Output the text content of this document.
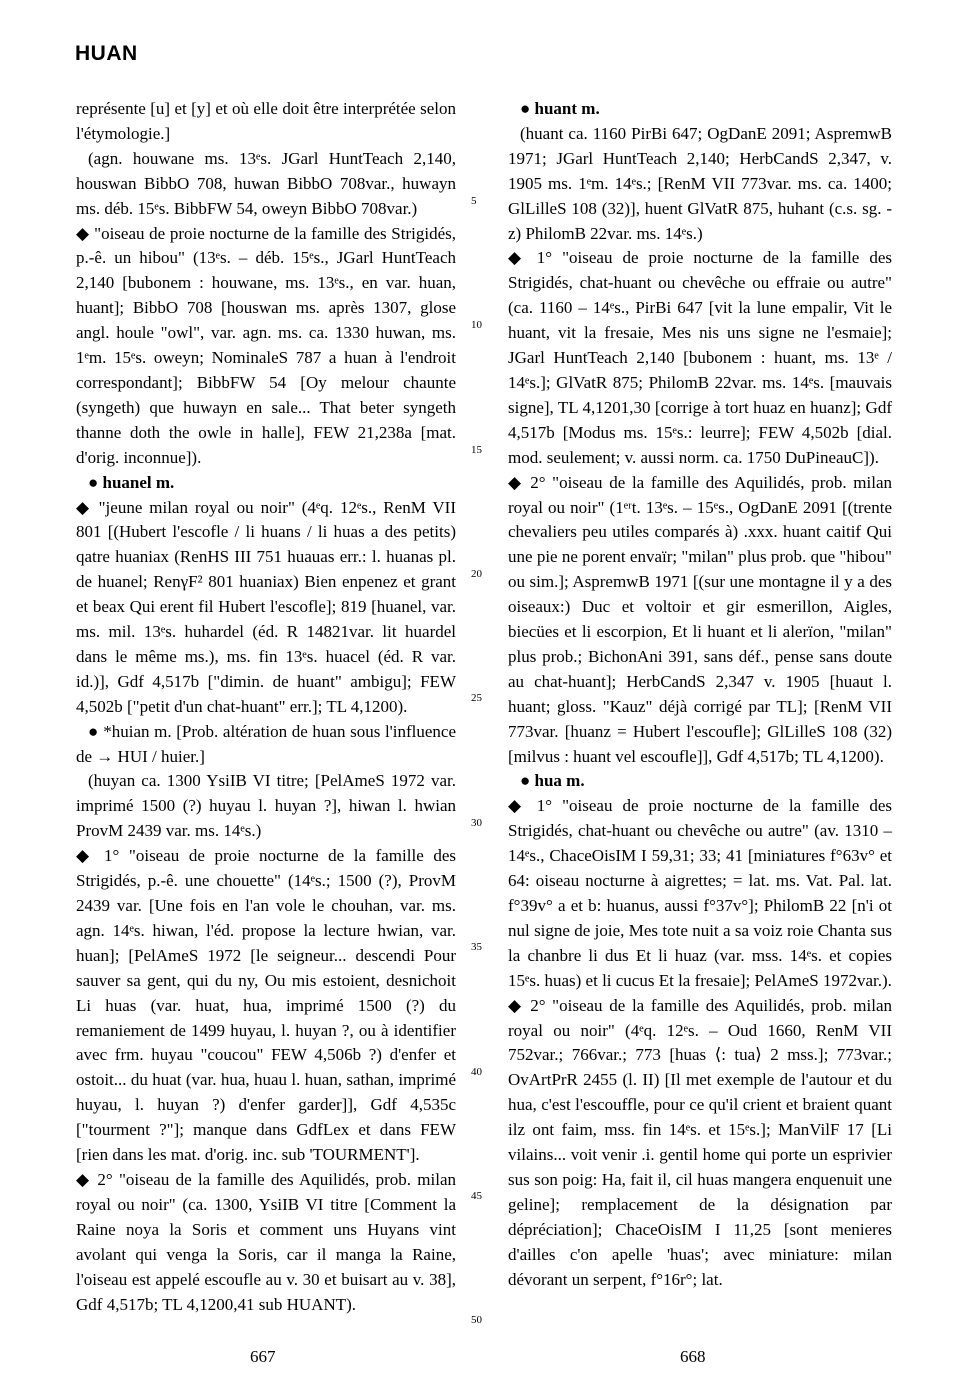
HUAN

représente [u] et [y] et où elle doit être interprétée selon l'étymologie.]

(agn. houwane ms. 13ᵉs. JGarl HuntTeach 2,140, houswan BibbO 708, huwan BibbO 708var., huwayn ms. déb. 15ᵉs. BibbFW 54, oweyn BibbO 708var.)

◆ "oiseau de proie nocturne de la famille des Strigidés, p.-ê. un hibou" (13ᵉs. – déb. 15ᵉs., JGarl HuntTeach 2,140 [bubonem : houwane, ms. 13ᵉs., en var. huan, huant]; BibbO 708 [houswan ms. après 1307, glose angl. houle "owl", var. agn. ms. ca. 1330 huwan, ms. 1ᵉm. 15ᵉs. oweyn; NominaleS 787 a huan à l'endroit correspondant]; BibbFW 54 [Oy melour chaunte (syngeth) que huwayn en sale... That beter syngeth thanne doth the owle in halle], FEW 21,238a [mat. d'orig. inconnue]).

● huanel m.

◆ "jeune milan royal ou noir" (4ᵉq. 12ᵉs., RenM VII 801 [(Hubert l'escofle / li huans / li huas a des petits) qatre huaniax (RenHS III 751 huauas err.: l. huanas pl. de huanel; RenγF² 801 huaniax) Bien enpenez et grant et beax Qui erent fil Hubert l'escofle]; 819 [huanel, var. ms. mil. 13ᵉs. huhardel (éd. R 14821var. lit huardel dans le même ms.), ms. fin 13ᵉs. huacel (éd. R var. id.)], Gdf 4,517b ["dimin. de huant" ambigu]; FEW 4,502b ["petit d'un chat-huant" err.]; TL 4,1200).

● *huian m. [Prob. altération de huan sous l'influence de → HUI / huier.]

(huyan ca. 1300 YsiIB VI titre; [PelAmeS 1972 var. imprimé 1500 (?) huyau l. huyan ?], hiwan l. hwian ProvM 2439 var. ms. 14ᵉs.)

◆ 1° "oiseau de proie nocturne de la famille des Strigidés, p.-ê. une chouette" (14ᵉs.; 1500 (?), ProvM 2439 var. [Une fois en l'an vole le chouhan, var. ms. agn. 14ᵉs. hiwan, l'éd. propose la lecture hwian, var. huan]; [PelAmeS 1972 [le seigneur... descendi Pour sauver sa gent, qui du ny, Ou mis estoient, desnichoit Li huas (var. huat, hua, imprimé 1500 (?) du remaniement de 1499 huyau, l. huyan ?, ou à identifier avec frm. huyau "coucou" FEW 4,506b ?) d'enfer et ostoit... du huat (var. hua, huau l. huan, sathan, imprimé huyau, l. huyan ?) d'enfer garder]], Gdf 4,535c ["tourment ?"]; manque dans GdfLex et dans FEW [rien dans les mat. d'orig. inc. sub 'TOURMENT'].

◆ 2° "oiseau de la famille des Aquilidés, prob. milan royal ou noir" (ca. 1300, YsiIB VI titre [Comment la Raine noya la Soris et comment uns Huyans vint avolant qui venga la Soris, car il manga la Raine, l'oiseau est appelé escoufle au v. 30 et buisart au v. 38], Gdf 4,517b; TL 4,1200,41 sub HUANT).

5
10
15
20
25
30
35
40
45
50

● huant m.

(huant ca. 1160 PirBi 647; OgDanE 2091; AspremwB 1971; JGarl HuntTeach 2,140; HerbCandS 2,347, v. 1905 ms. 1ᵉm. 14ᵉs.; [RenM VII 773var. ms. ca. 1400; GlLilleS 108 (32)], huent GlVatR 875, huhant (c.s. sg. -z) PhilomB 22var. ms. 14ᵉs.)

◆ 1° "oiseau de proie nocturne de la famille des Strigidés, chat-huant ou chevêche ou effraie ou autre" (ca. 1160 – 14ᵉs., PirBi 647 [vit la lune empalir, Vit le huant, vit la fresaie, Mes nis uns signe ne l'esmaie]; JGarl HuntTeach 2,140 [bubonem : huant, ms. 13ᵉ / 14ᵉs.]; GlVatR 875; PhilomB 22var. ms. 14ᵉs. [mauvais signe], TL 4,1201,30 [corrige à tort huaz en huanz]; Gdf 4,517b [Modus ms. 15ᵉs.: leurre]; FEW 4,502b [dial. mod. seulement; v. aussi norm. ca. 1750 DuPineauC]).

◆ 2° "oiseau de la famille des Aquilidés, prob. milan royal ou noir" (1ᵉʳt. 13ᵉs. – 15ᵉs., OgDanE 2091 [(trente chevaliers peu utiles comparés à) .xxx. huant caitif Qui une pie ne porent envaïr; "milan" plus prob. que "hibou" ou sim.]; AspremwB 1971 [(sur une montagne il y a des oiseaux:) Duc et voltoir et gir esmerillon, Aigles, biecües et li escorpion, Et li huant et li alerïon, "milan" plus prob.; BichonAni 391, sans déf., pense sans doute au chat-huant]; HerbCandS 2,347 v. 1905 [huaut l. huant; gloss. "Kauz" déjà corrigé par TL]; [RenM VII 773var. [huanz = Hubert l'escoufle]; GlLilleS 108 (32) [milvus : huant vel escoufle]], Gdf 4,517b; TL 4,1200).

● hua m.

◆ 1° "oiseau de proie nocturne de la famille des Strigidés, chat-huant ou chevêche ou autre" (av. 1310 – 14ᵉs., ChaceOisIM I 59,31; 33; 41 [miniatures f°63v° et 64: oiseau nocturne à aigrettes; = lat. ms. Vat. Pal. lat. f°39v° a et b: huanus, aussi f°37v°]; PhilomB 22 [n'i ot nul signe de joie, Mes tote nuit a sa voiz roie Chanta sus la chanbre li dus Et li huaz (var. mss. 14ᵉs. et copies 15ᵉs. huas) et li cucus Et la fresaie]; PelAmeS 1972var.).

◆ 2° "oiseau de la famille des Aquilidés, prob. milan royal ou noir" (4ᵉq. 12ᵉs. – Oud 1660, RenM VII 752var.; 766var.; 773 [huas ⟨: tua⟩ 2 mss.]; 773var.; OvArtPrR 2455 (l. II) [Il met exemple de l'autour et du hua, c'est l'escouffle, pour ce qu'il crient et braient quant ilz ont faim, mss. fin 14ᵉs. et 15ᵉs.]; ManVilF 17 [Li vilains... voit venir .i. gentil home qui porte un esprivier sus son poig: Ha, fait il, cil huas mangera enquenuit une geline]; remplacement de la désignation par dépréciation]; ChaceOisIM I 11,25 [sont menieres d'ailles c'on apelle 'huas'; avec miniature: milan dévorant un serpent, f°16r°; lat.

667	668
